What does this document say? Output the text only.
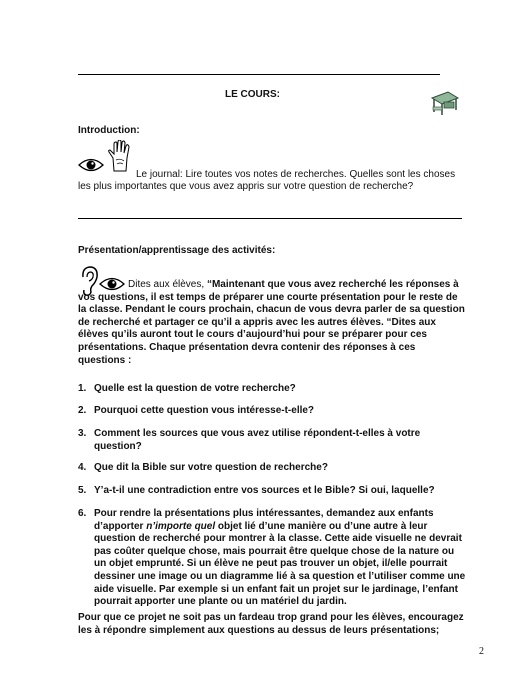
LE COURS:
Introduction:
Le journal: Lire toutes vos notes de recherches. Quelles sont les choses
les plus importantes que vous avez appris sur votre question de recherche?
Présentation/apprentissage des activités:
Dites aux élèves, “Maintenant que vous avez recherché les réponses à
vos questions, il est temps de préparer une courte présentation pour le reste de
la classe. Pendant le cours prochain, chacun de vous devra parler de sa question
de recherché et partager ce qu’il a appris avec les autres élèves. “Dites aux
élèves qu’ils auront tout le cours d’aujourd’hui pour se préparer pour ces
présentations. Chaque présentation devra contenir des réponses à ces
questions :
1. Quelle est la question de votre recherche?
2. Pourquoi cette question vous intéresse-t-elle?
3. Comment les sources que vous avez utilise répondent-t-elles à votre
question?
4. Que dit la Bible sur votre question de recherche?
5. Y’a-t-il une contradiction entre vos sources et le Bible? Si oui, laquelle?
6. Pour rendre la présentations plus intéressantes, demandez aux enfants
d’apporter n’importe quel objet lié d’une manière ou d’une autre à leur
question de recherché pour montrer à la classe. Cette aide visuelle ne devrait
pas coûter quelque chose, mais pourrait être quelque chose de la nature ou
un objet emprunté. Si un élève ne peut pas trouver un objet, il/elle pourrait
dessiner une image ou un diagramme lié à sa question et l’utiliser comme une
aide visuelle. Par exemple si un enfant fait un projet sur le jardinage, l’enfant
pourrait apporter une plante ou un matériel du jardin.
Pour que ce projet ne soit pas un fardeau trop grand pour les élèves, encouragez
les à répondre simplement aux questions au dessus de leurs présentations;
2
